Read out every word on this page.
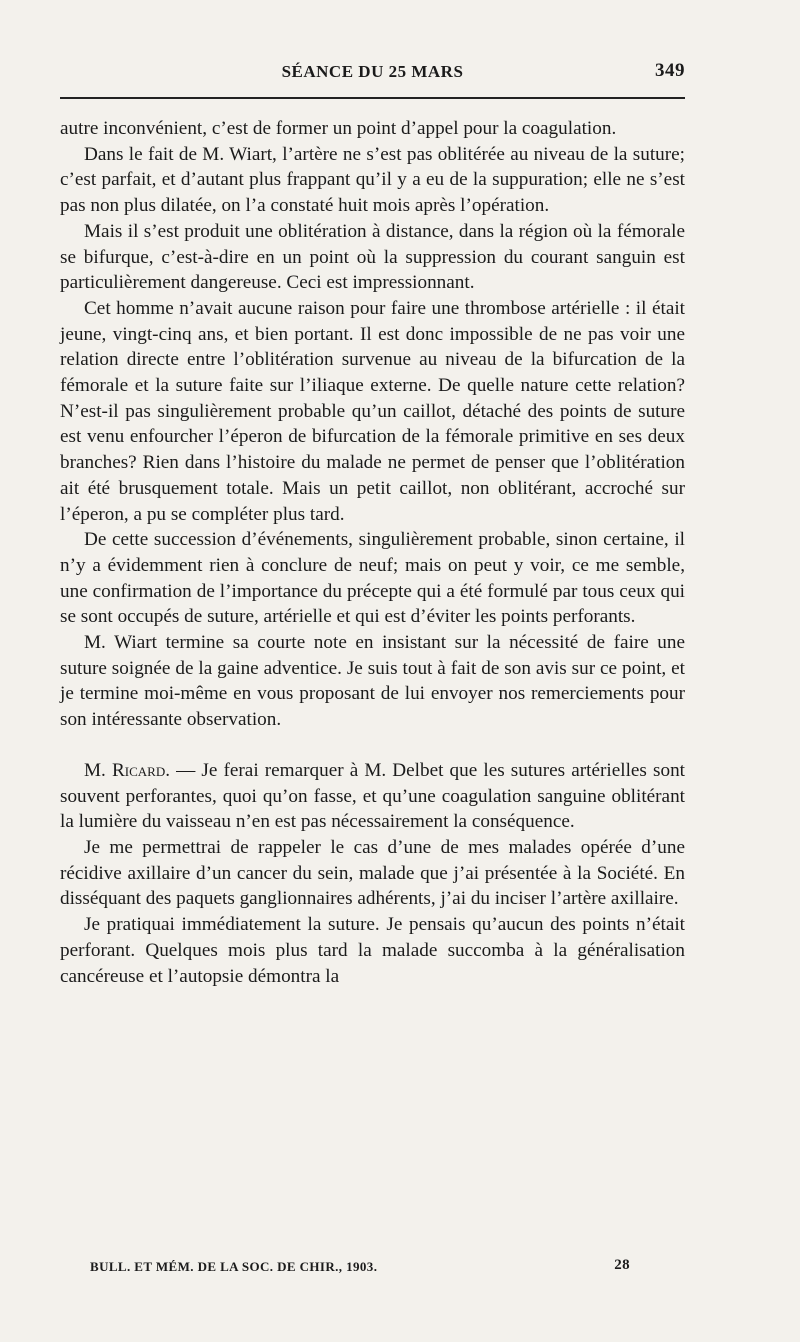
SÉANCE DU 25 MARS	349

autre inconvénient, c’est de former un point d’appel pour la coagulation.

Dans le fait de M. Wiart, l’artère ne s’est pas oblitérée au niveau de la suture; c’est parfait, et d’autant plus frappant qu’il y a eu de la suppuration; elle ne s’est pas non plus dilatée, on l’a constaté huit mois après l’opération.

Mais il s’est produit une oblitération à distance, dans la région où la fémorale se bifurque, c’est-à-dire en un point où la suppression du courant sanguin est particulièrement dangereuse. Ceci est impressionnant.

Cet homme n’avait aucune raison pour faire une thrombose artérielle : il était jeune, vingt-cinq ans, et bien portant. Il est donc impossible de ne pas voir une relation directe entre l’oblitération survenue au niveau de la bifurcation de la fémorale et la suture faite sur l’iliaque externe. De quelle nature cette relation? N’est-il pas singulièrement probable qu’un caillot, détaché des points de suture est venu enfourcher l’éperon de bifurcation de la fémorale primitive en ses deux branches? Rien dans l’histoire du malade ne permet de penser que l’oblitération ait été brusquement totale. Mais un petit caillot, non oblitérant, accroché sur l’éperon, a pu se compléter plus tard.

De cette succession d’événements, singulièrement probable, sinon certaine, il n’y a évidemment rien à conclure de neuf; mais on peut y voir, ce me semble, une confirmation de l’importance du précepte qui a été formulé par tous ceux qui se sont occupés de suture, artérielle et qui est d’éviter les points perforants.

M. Wiart termine sa courte note en insistant sur la nécessité de faire une suture soignée de la gaine adventice. Je suis tout à fait de son avis sur ce point, et je termine moi-même en vous proposant de lui envoyer nos remerciements pour son intéressante observation.

M. Ricard. — Je ferai remarquer à M. Delbet que les sutures artérielles sont souvent perforantes, quoi qu’on fasse, et qu’une coagulation sanguine oblitérant la lumière du vaisseau n’en est pas nécessairement la conséquence.

Je me permettrai de rappeler le cas d’une de mes malades opérée d’une récidive axillaire d’un cancer du sein, malade que j’ai présentée à la Société. En disséquant des paquets ganglionnaires adhérents, j’ai du inciser l’artère axillaire.

Je pratiquai immédiatement la suture. Je pensais qu’aucun des points n’était perforant. Quelques mois plus tard la malade succomba à la généralisation cancéreuse et l’autopsie démontra la

BULL. ET MÉM. DE LA SOC. DE CHIR., 1903.	28
